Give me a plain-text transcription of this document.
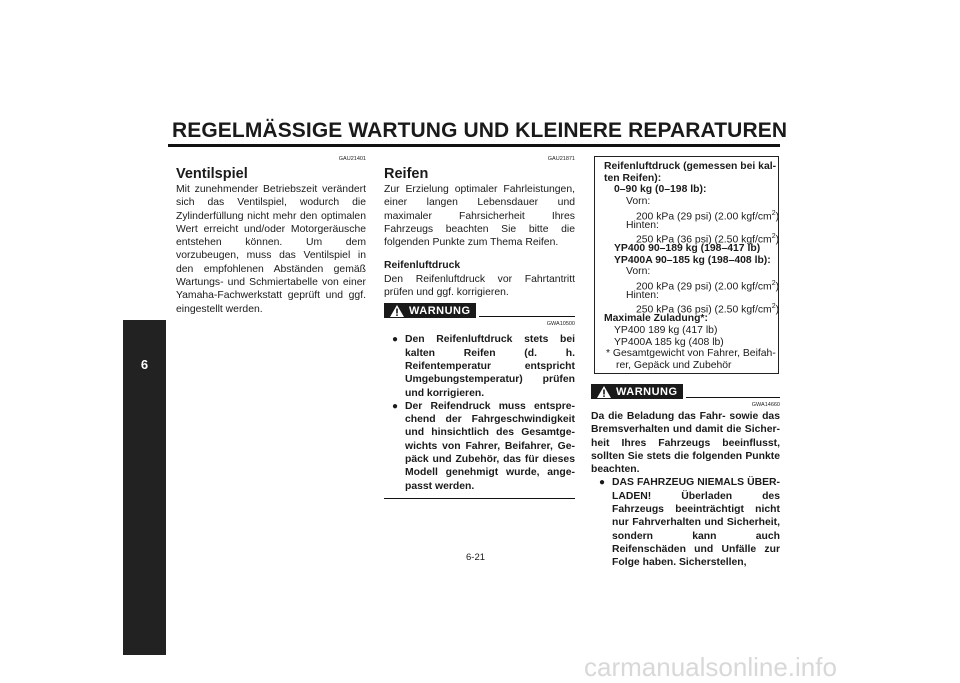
REGELMÄSSIGE WARTUNG UND KLEINERE REPARATUREN
6
GAU21401
Ventilspiel
Mit zunehmender Betriebszeit verändert sich das Ventilspiel, wodurch die Zylinderfüllung nicht mehr den optimalen Wert erreicht und/oder Motorgeräusche entstehen können. Um dem vorzubeugen, muss das Ventilspiel in den empfohlenen Abständen gemäß Wartungs- und Schmiertabelle von einer Yamaha-Fachwerkstatt geprüft und ggf. eingestellt werden.
GAU21871
Reifen
Zur Erzielung optimaler Fahrleistungen, einer langen Lebensdauer und maximaler Fahrsicherheit Ihres Fahrzeugs beachten Sie bitte die folgenden Punkte zum Thema Reifen.
Reifenluftdruck
Den Reifenluftdruck vor Fahrtantritt prüfen und ggf. korrigieren.
WARNUNG
GWA10500
● Den Reifenluftdruck stets bei kalten Reifen (d. h. Reifentemperatur entspricht Umgebungstemperatur) prüfen und korrigieren.
● Der Reifendruck muss entsprechend der Fahrgeschwindigkeit und hinsichtlich des Gesamtgewichts von Fahrer, Beifahrer, Gepäck und Zubehör, das für dieses Modell genehmigt wurde, angepasst werden.
Reifenluftdruck (gemessen bei kal-
ten Reifen):
0–90 kg (0–198 lb):
Vorn:
200 kPa (29 psi) (2.00 kgf/$cm^2$)
Hinten:
250 kPa (36 psi) (2.50 kgf/$cm^2$)
YP400 90–189 kg (198–417 lb)
YP400A 90–185 kg (198–408 lb):
Vorn:
200 kPa (29 psi) (2.00 kgf/$cm^2$)
Hinten:
250 kPa (36 psi) (2.50 kgf/$cm^2$)
Maximale Zuladung*:
YP400 189 kg (417 lb)
YP400A 185 kg (408 lb)
* Gesamtgewicht von Fahrer, Beifah-
rer, Gepäck und Zubehör
WARNUNG
GWA14660
Da die Beladung das Fahr- sowie das Bremsverhalten und damit die Sicherheit Ihres Fahrzeugs beeinflusst, sollten Sie stets die folgenden Punkte beachten.
● DAS FAHRZEUG NIEMALS ÜBERLADEN! Überladen des Fahrzeugs beeinträchtigt nicht nur Fahrverhalten und Sicherheit, sondern kann auch Reifenschäden und Unfälle zur Folge haben. Sicherstellen,
6-21
carmanualsonline.info
